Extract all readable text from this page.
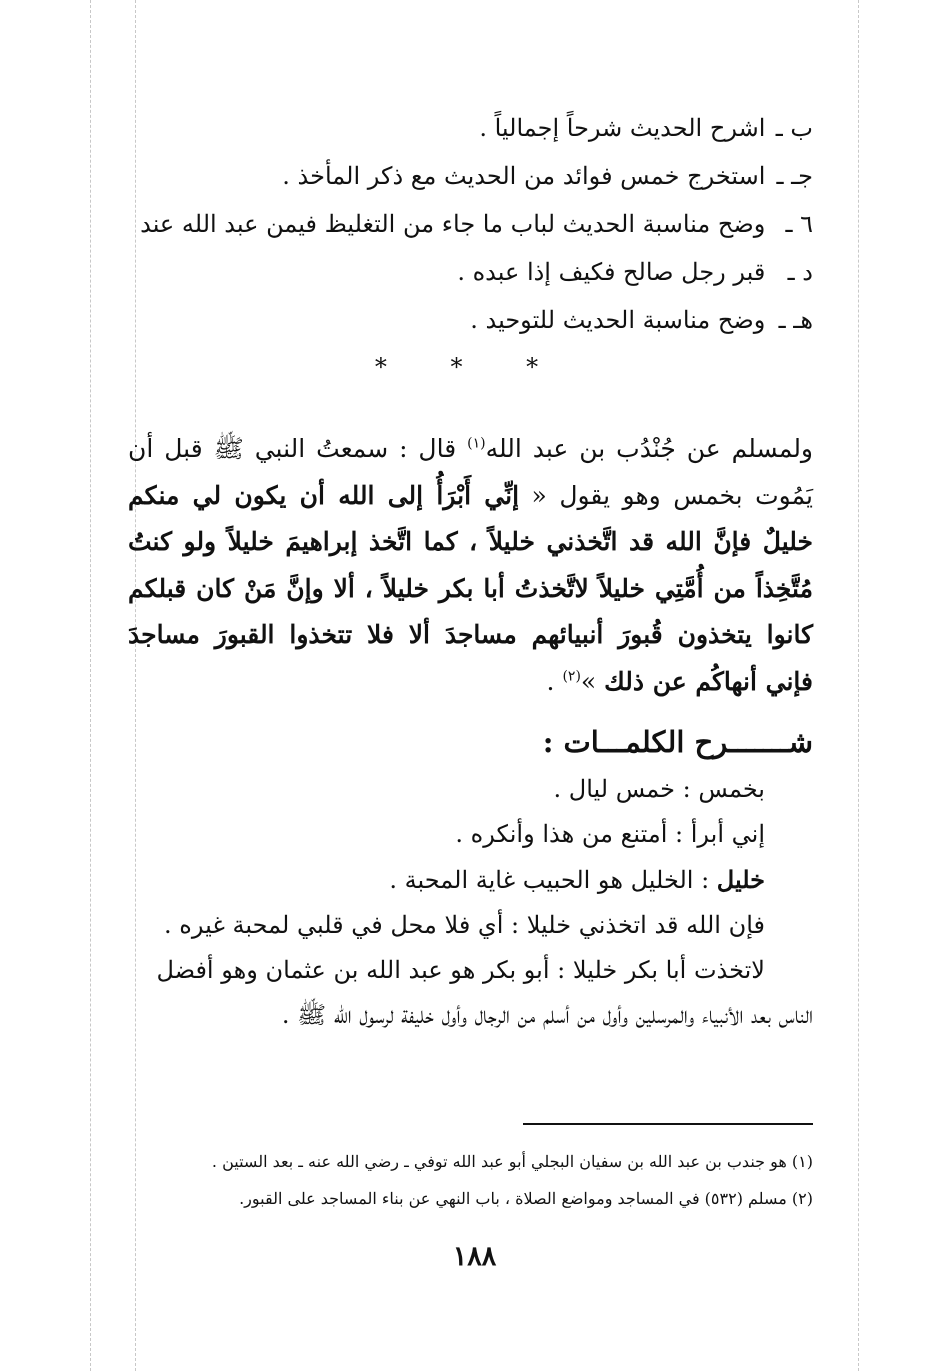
ب ـ اشرح الحديث شرحاً إجمالياً .
جـ ـ استخرج خمس فوائد من الحديث مع ذكر المأخذ .
٦ ـ وضح مناسبة الحديث لباب ما جاء من التغليظ فيمن عبد الله عند
د ـ قبر رجل صالح فكيف إذا عبده .
هـ ـ وضح مناسبة الحديث للتوحيد .
* * *

ولمسلم عن جُنْدُب بن عبد الله$^{(١)}$ قال : سمعتُ النبي ﷺ قبل أن يَمُوت بخمس وهو يقول « إنِّي أَبْرَأُ إلى الله أن يكون لي منكم خليلٌ فإنَّ الله قد اتَّخذني خليلاً ، كما اتَّخذ إبراهيمَ خليلاً ولو كنتُ مُتَّخِذاً من أُمَّتِي خليلاً لاتَّخذتُ أبا بكر خليلاً ، ألا وإنَّ مَنْ كان قبلكم كانوا يتخذون قُبورَ أنبيائهم مساجدَ ألا فلا تتخذوا القبورَ مساجدَ فإني أنهاكُم عن ذلك »$^{(٢)}$ .

شـــــــرح الكلمـــات :
بخمس : خمس ليال .
إني أبرأ : أمتنع من هذا وأنكره .
خليل : الخليل هو الحبيب غاية المحبة .
فإن الله قد اتخذني خليلا : أي فلا محل في قلبي لمحبة غيره .
لاتخذت أبا بكر خليلا : أبو بكر هو عبد الله بن عثمان وهو أفضل
الناس بعد الأنبياء والمرسلين وأول من أسلم من الرجال وأول خليفة لرسول الله ﷺ .
(١) هو جندب بن عبد الله بن سفيان البجلي أبو عبد الله توفي ـ رضي الله عنه ـ بعد الستين .
(٢) مسلم (٥٣٢) في المساجد ومواضع الصلاة ، باب النهي عن بناء المساجد على القبور.
١٨٨
